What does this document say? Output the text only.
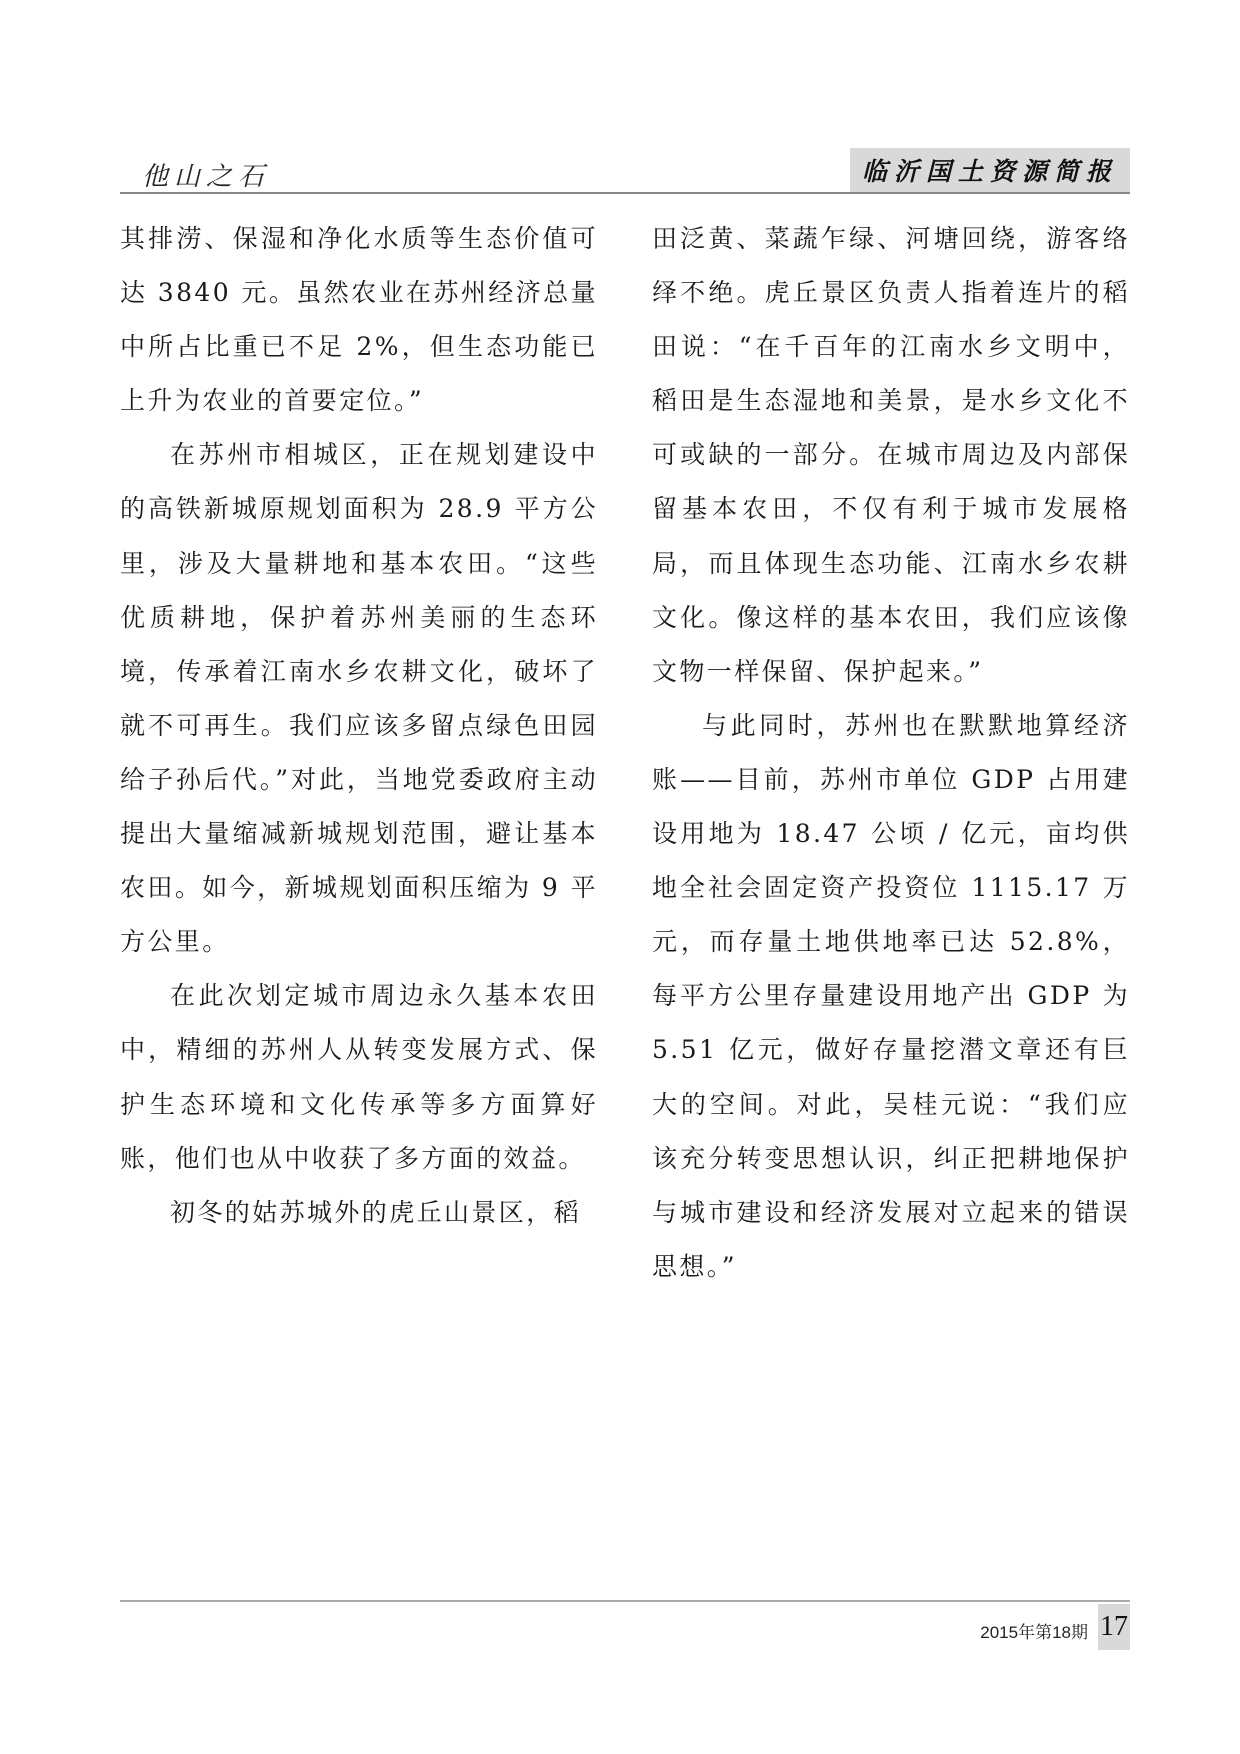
他山之石	临沂国土资源简报

其排涝、保湿和净化水质等生态价值可达 3840 元。虽然农业在苏州经济总量中所占比重已不足 2%，但生态功能已上升为农业的首要定位。”

在苏州市相城区，正在规划建设中的高铁新城原规划面积为 28.9 平方公里，涉及大量耕地和基本农田。“这些优质耕地，保护着苏州美丽的生态环境，传承着江南水乡农耕文化，破坏了就不可再生。我们应该多留点绿色田园给子孙后代。”对此，当地党委政府主动提出大量缩减新城规划范围，避让基本农田。如今，新城规划面积压缩为 9 平方公里。

在此次划定城市周边永久基本农田中，精细的苏州人从转变发展方式、保护生态环境和文化传承等多方面算好账，他们也从中收获了多方面的效益。

初冬的姑苏城外的虎丘山景区，稻

田泛黄、菜蔬乍绿、河塘回绕，游客络绎不绝。虎丘景区负责人指着连片的稻田说：“在千百年的江南水乡文明中，稻田是生态湿地和美景，是水乡文化不可或缺的一部分。在城市周边及内部保留基本农田，不仅有利于城市发展格局，而且体现生态功能、江南水乡农耕文化。像这样的基本农田，我们应该像文物一样保留、保护起来。”

与此同时，苏州也在默默地算经济账——目前，苏州市单位 GDP 占用建设用地为 18.47 公顷 / 亿元，亩均供地全社会固定资产投资位 1115.17 万元，而存量土地供地率已达 52.8%，每平方公里存量建设用地产出 GDP 为 5.51 亿元，做好存量挖潜文章还有巨大的空间。对此，吴桂元说：“我们应该充分转变思想认识，纠正把耕地保护与城市建设和经济发展对立起来的错误思想。”

2015年第18期 17
